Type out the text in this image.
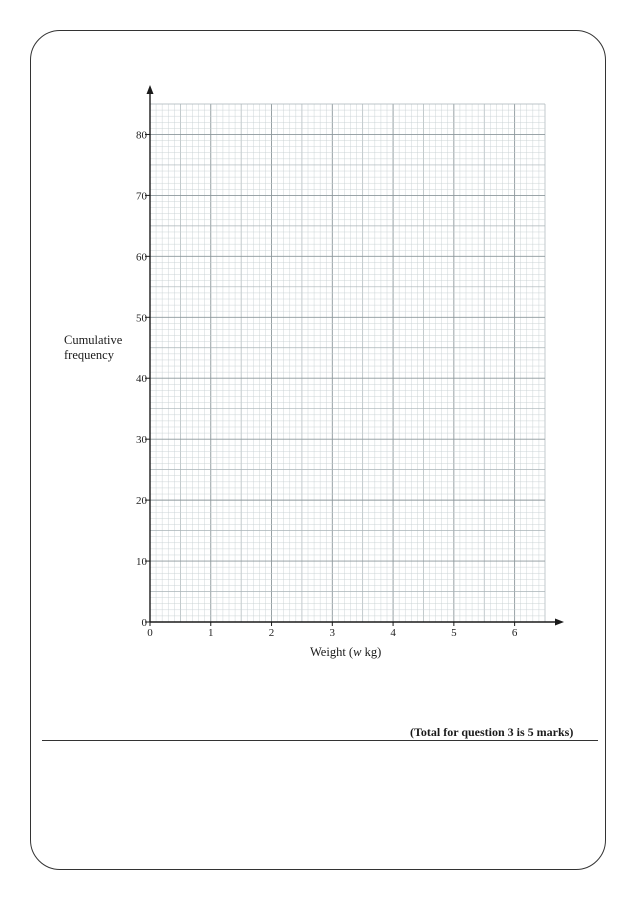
0
10
20
30
40
50
60
70
80
0	1	2	3	4	5	6
Cumulative frequency
Weight (w kg)
(Total for question 3 is 5 marks)
